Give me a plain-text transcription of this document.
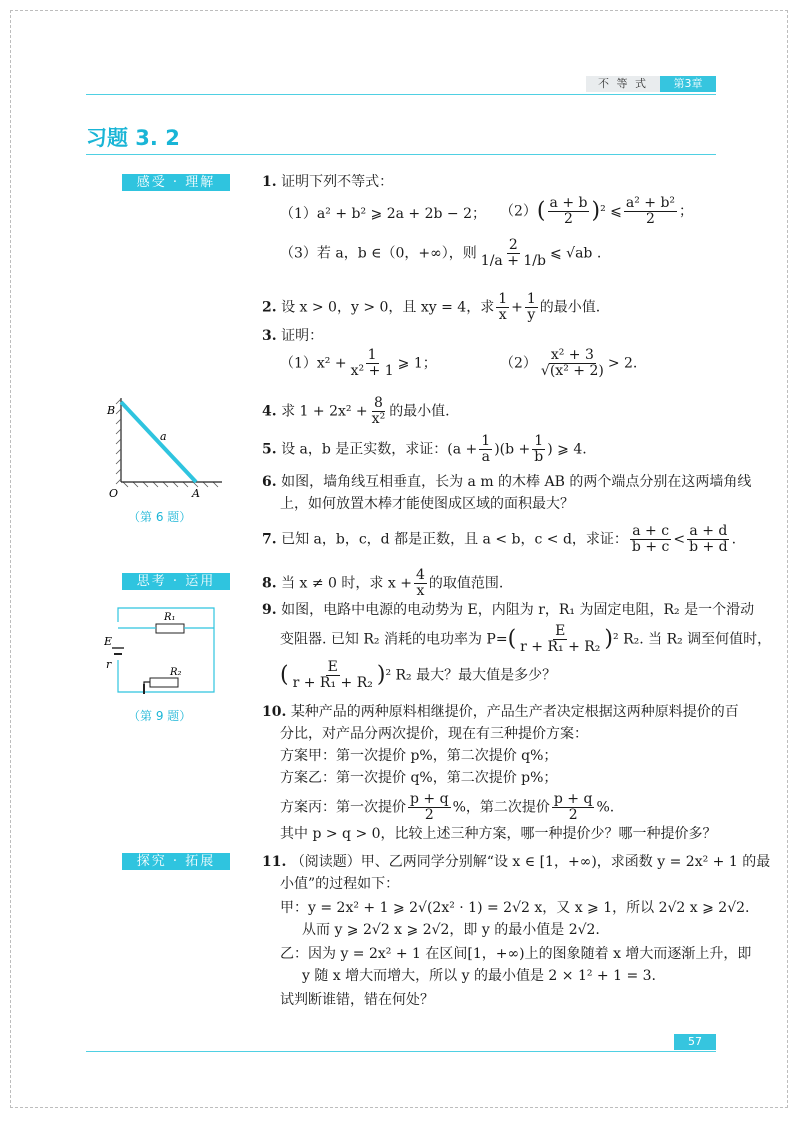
不 等 式	第3章
习题 3. 2
感受 · 理解
思考 · 运用
探究 · 拓展
1. 证明下列不等式：
（1）a² + b² ⩾ 2a + 2b − 2； $(2)( \frac{a + b}{2} )^2$ ⩽ $\frac{\text{a² + b²}}{2}$ ；
（3）若 a，b ∈（0，+∞），则 $\frac{2}{1/a + 1/b}$ ⩽ √ab .
2. 设 x > 0，y > 0，且 xy = 4，求 $\frac{1}{x} + \frac{1}{y}$ 的最小值.
3. 证明：
$(1)x^2 + \frac{1}{\text{x² + 1}}$ ⩾ 1；	$(2) \frac{\text{x² + 3}}{\text{√(x² + 2)}} > 2$.
B
a
O	A
（第 6 题）
4. 求 $1 + 2x^2 + \frac{8}{\text{x²}}$ 的最小值.
5. 设 a，b 是正实数，求证：$(a + \frac{1}{a} )(b + \frac{1}{b}$ ) ⩾ 4.
6. 如图，墙角线互相垂直，长为 a m 的木棒 AB 的两个端点分别在这两墙角线
上，如何放置木棒才能使图成区域的面积最大？
7. 已知 a，b，c，d 都是正数，且 a < b，c < d，求证： $\frac{a + c}{b + c} < \frac{a + d}{b + d}$ .
8. 当 x ≠ 0 时，求 $x + \frac{4}{x}$ 的取值范围.
R₁
E
r
R₂
（第 9 题）
9. 如图，电路中电源的电动势为 E，内阻为 r，R₁ 为固定电阻，R₂ 是一个滑动
变阻器. 已知 R₂ 消耗的电功率为 $P=( \frac{E}{\text{r + R₁ + R₂}} )^2$ R₂. 当 R₂ 调至何值时，
( $\frac{E}{\text{r + R₁ + R₂}} )^2$ R₂ 最大？最大值是多少？
10. 某种产品的两种原料相继提价，产品生产者决定根据这两种原料提价的百
分比，对产品分两次提价，现在有三种提价方案：
方案甲：第一次提价 p%，第二次提价 q%；
方案乙：第一次提价 q%，第二次提价 p%；
方案丙：第一次提价 $\frac{p + q}{2}$ %，第二次提价 $\frac{p + q}{2}$ %.
其中 p > q > 0，比较上述三种方案，哪一种提价少？哪一种提价多？
11. （阅读题）甲、乙两同学分别解“设 x ∈ [1，+∞)，求函数 y = 2x² + 1 的最
小值”的过程如下：
甲：y = 2x² + 1 ⩾ 2√(2x² · 1) = 2√2 x，又 x ⩾ 1，所以 2√2 x ⩾ 2√2.
从而 y ⩾ 2√2 x ⩾ 2√2，即 y 的最小值是 2√2.
乙：因为 y = 2x² + 1 在区间[1，+∞)上的图象随着 x 增大而逐渐上升，即
y 随 x 增大而增大，所以 y 的最小值是 2 × 1² + 1 = 3.
试判断谁错，错在何处？
57
